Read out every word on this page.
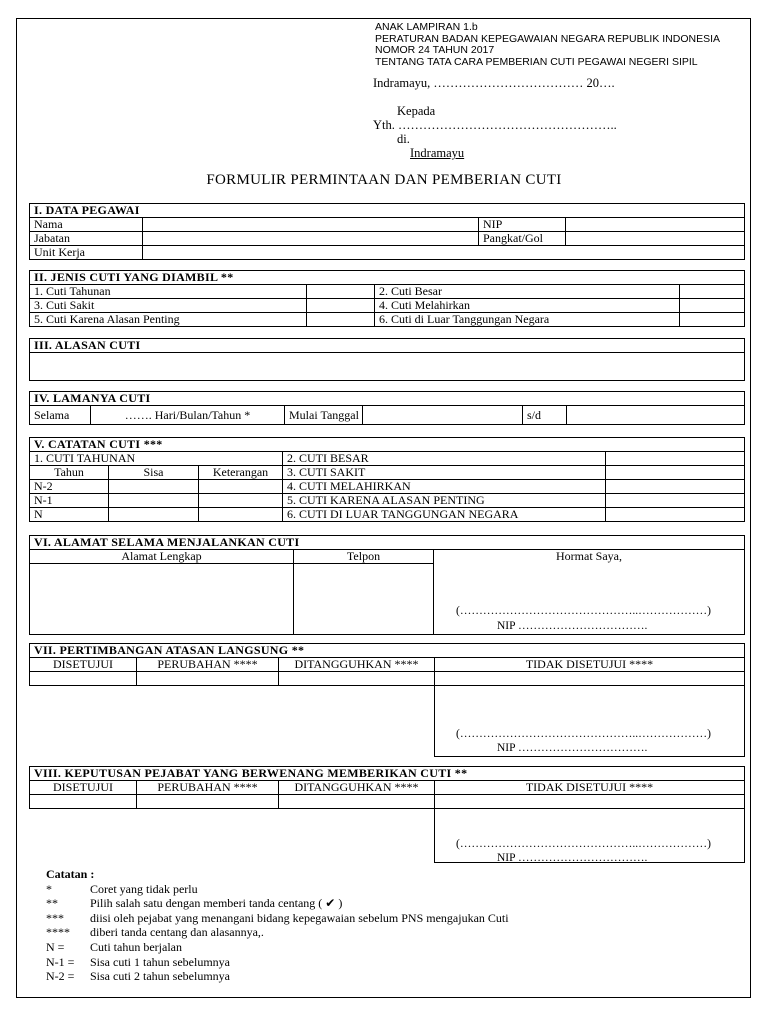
ANAK LAMPIRAN 1.b
PERATURAN BADAN KEPEGAWAIAN NEGARA REPUBLIK INDONESIA
NOMOR 24 TAHUN 2017
TENTANG TATA CARA PEMBERIAN CUTI PEGAWAI NEGERI SIPIL
Indramayu, ……………………………… 20….
Kepada
Yth. ……………………………………………..
di.
Indramayu
FORMULIR PERMINTAAN DAN PEMBERIAN CUTI
I. DATA PEGAWAI			
Nama		NIP	
Jabatan		Pangkat/Gol	
Unit Kerja			
II. JENIS CUTI YANG DIAMBIL **			
1. Cuti Tahunan		2. Cuti Besar	
3. Cuti Sakit		4. Cuti Melahirkan	
5. Cuti Karena Alasan Penting		6. Cuti di Luar Tanggungan Negara	
III. ALASAN CUTI

IV. LAMANYA CUTI
Selama	……. Hari/Bulan/Tahun *	Mulai Tanggal		s/d	
V. CATATAN CUTI ***				
1. CUTI TAHUNAN			2. CUTI BESAR	
Tahun	Sisa	Keterangan	3. CUTI SAKIT	
N-2			4. CUTI MELAHIRKAN	
N-1			5. CUTI KARENA ALASAN PENTING	
N			6. CUTI DI LUAR TANGGUNGAN NEGARA	
VI. ALAMAT SELAMA MENJALANKAN CUTI		
Alamat Lengkap	Telpon	Hormat Saya,

(………………………………………..………………)
NIP …………………………….
VII. PERTIMBANGAN ATASAN LANGSUNG **			
DISETUJUI	PERUBAHAN ****	DITANGGUHKAN ****	TIDAK DISETUJUI ****

(………………………………………..………………)
NIP …………………………….
VIII. KEPUTUSAN PEJABAT YANG BERWENANG MEMBERIKAN CUTI **			
DISETUJUI	PERUBAHAN ****	DITANGGUHKAN ****	TIDAK DISETUJUI ****

(………………………………………..………………)
NIP …………………………….
Catatan :
*	Coret yang tidak perlu
**	Pilih salah satu dengan memberi tanda centang ( ✔ )
***	diisi oleh pejabat yang menangani bidang kepegawaian sebelum PNS mengajukan Cuti
****	diberi tanda centang dan alasannya,.
N =	Cuti tahun berjalan
N-1 =	Sisa cuti 1 tahun sebelumnya
N-2 =	Sisa cuti 2 tahun sebelumnya
